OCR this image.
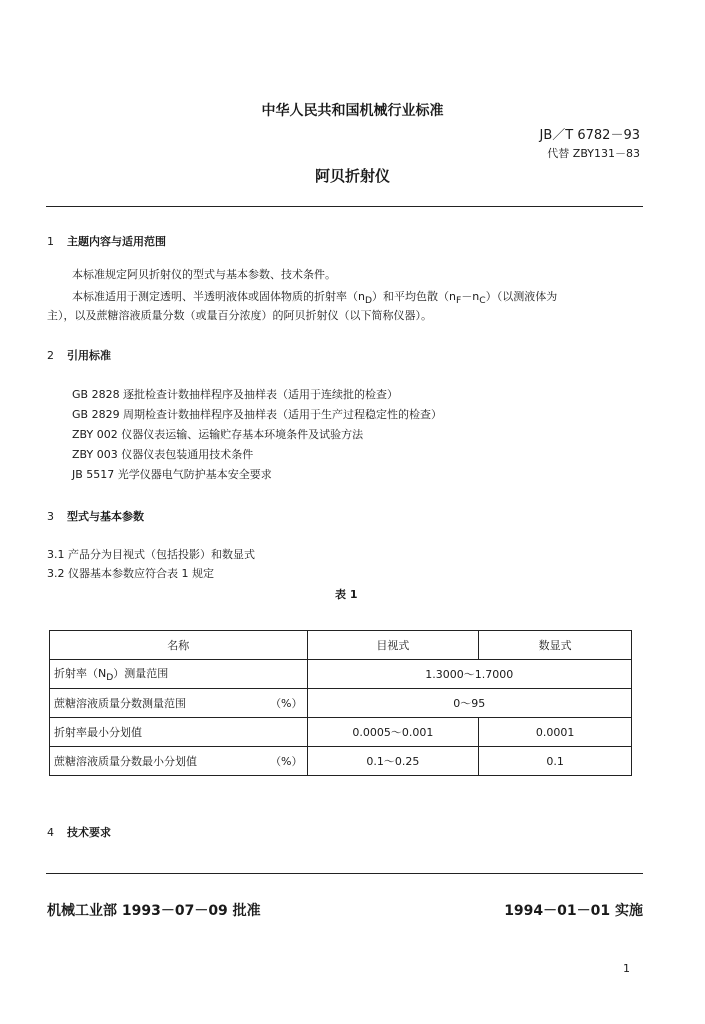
中华人民共和国机械行业标准
JB／T 6782－93
代替 ZBY131－83
阿贝折射仪
1 主题内容与适用范围
本标准规定阿贝折射仪的型式与基本参数、技术条件。
本标准适用于测定透明、半透明液体或固体物质的折射率$(n_D)$和平均色散$(n_F-n_C)$（以测液体为
主），以及蔗糖溶液质量分数（或量百分浓度）的阿贝折射仪（以下简称仪器）。
2 引用标准
GB 2828 逐批检查计数抽样程序及抽样表（适用于连续批的检查）
GB 2829 周期检查计数抽样程序及抽样表（适用于生产过程稳定性的检查）
ZBY 002 仪器仪表运输、运输贮存基本环境条件及试验方法
ZBY 003 仪器仪表包装通用技术条件
JB 5517 光学仪器电气防护基本安全要求
3 型式与基本参数
3.1 产品分为目视式（包括投影）和数显式
3.2 仪器基本参数应符合表 1 规定
表 1
名称	目视式	数显式
折射率$(N_D)$测量范围	1.3000～1.7000	
蔗糖溶液质量分数测量范围 （%）	0～95	
折射率最小分划值	0.0005～0.001	0.0001
蔗糖溶液质量分数最小分划值 （%）	0.1～0.25	0.1
4 技术要求
机械工业部 1993－07－09 批准	1994－01－01 实施
1
